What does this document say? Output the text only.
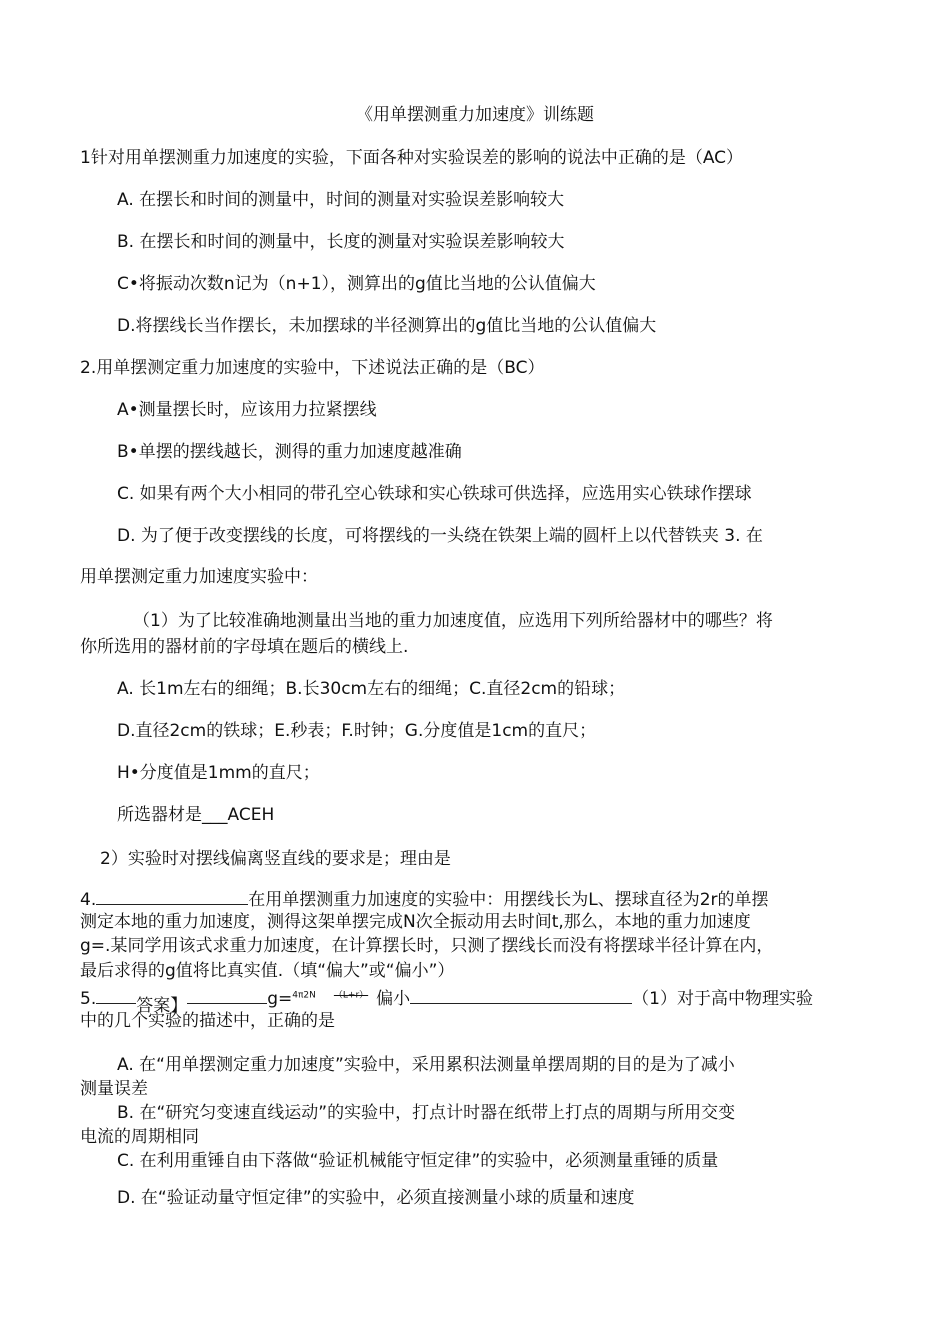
《用单摆测重力加速度》训练题
1针对用单摆测重力加速度的实验，下面各种对实验误差的影响的说法中正确的是（AC）
A. 在摆长和时间的测量中，时间的测量对实验误差影响较大
B. 在摆长和时间的测量中，长度的测量对实验误差影响较大
C•将振动次数n记为（n+1），测算出的g值比当地的公认值偏大
D.将摆线长当作摆长，未加摆球的半径测算出的g值比当地的公认值偏大
2.用单摆测定重力加速度的实验中，下述说法正确的是（BC）
A•测量摆长时，应该用力拉紧摆线
B•单摆的摆线越长，测得的重力加速度越准确
C. 如果有两个大小相同的带孔空心铁球和实心铁球可供选择，应选用实心铁球作摆球
D. 为了便于改变摆线的长度，可将摆线的一头绕在铁架上端的圆杆上以代替铁夹 3. 在
用单摆测定重力加速度实验中：
（1）为了比较准确地测量出当地的重力加速度值，应选用下列所给器材中的哪些？将
你所选用的器材前的字母填在题后的横线上.
A. 长1m左右的细绳；B.长30cm左右的细绳；C.直径2cm的铅球；
D.直径2cm的铁球；E.秒表；F.时钟；G.分度值是1cm的直尺；
H•分度值是1mm的直尺；
所选器材是___ACEH
2）实验时对摆线偏离竖直线的要求是；理由是
4.	在用单摆测重力加速度的实验中：用摆线长为L、摆球直径为2r的单摆
测定本地的重力加速度，测得这架单摆完成N次全振动用去时间t,那么，本地的重力加速度
g=.某同学用该式求重力加速度，在计算摆长时，只测了摆线长而没有将摆球半径计算在内，
最后求得的g值将比真实值.（填“偏大”或“偏小”）
5. 答案】	g=$^{4\pi 2N}$ $^{(L+r)}$ 偏小	（1）对于高中物理实验
中的几个实验的描述中，正确的是
A. 在“用单摆测定重力加速度”实验中，采用累积法测量单摆周期的目的是为了减小
测量误差
B. 在“研究匀变速直线运动”的实验中，打点计时器在纸带上打点的周期与所用交变
电流的周期相同
C. 在利用重锤自由下落做“验证机械能守恒定律”的实验中，必须测量重锤的质量
D. 在“验证动量守恒定律”的实验中，必须直接测量小球的质量和速度
